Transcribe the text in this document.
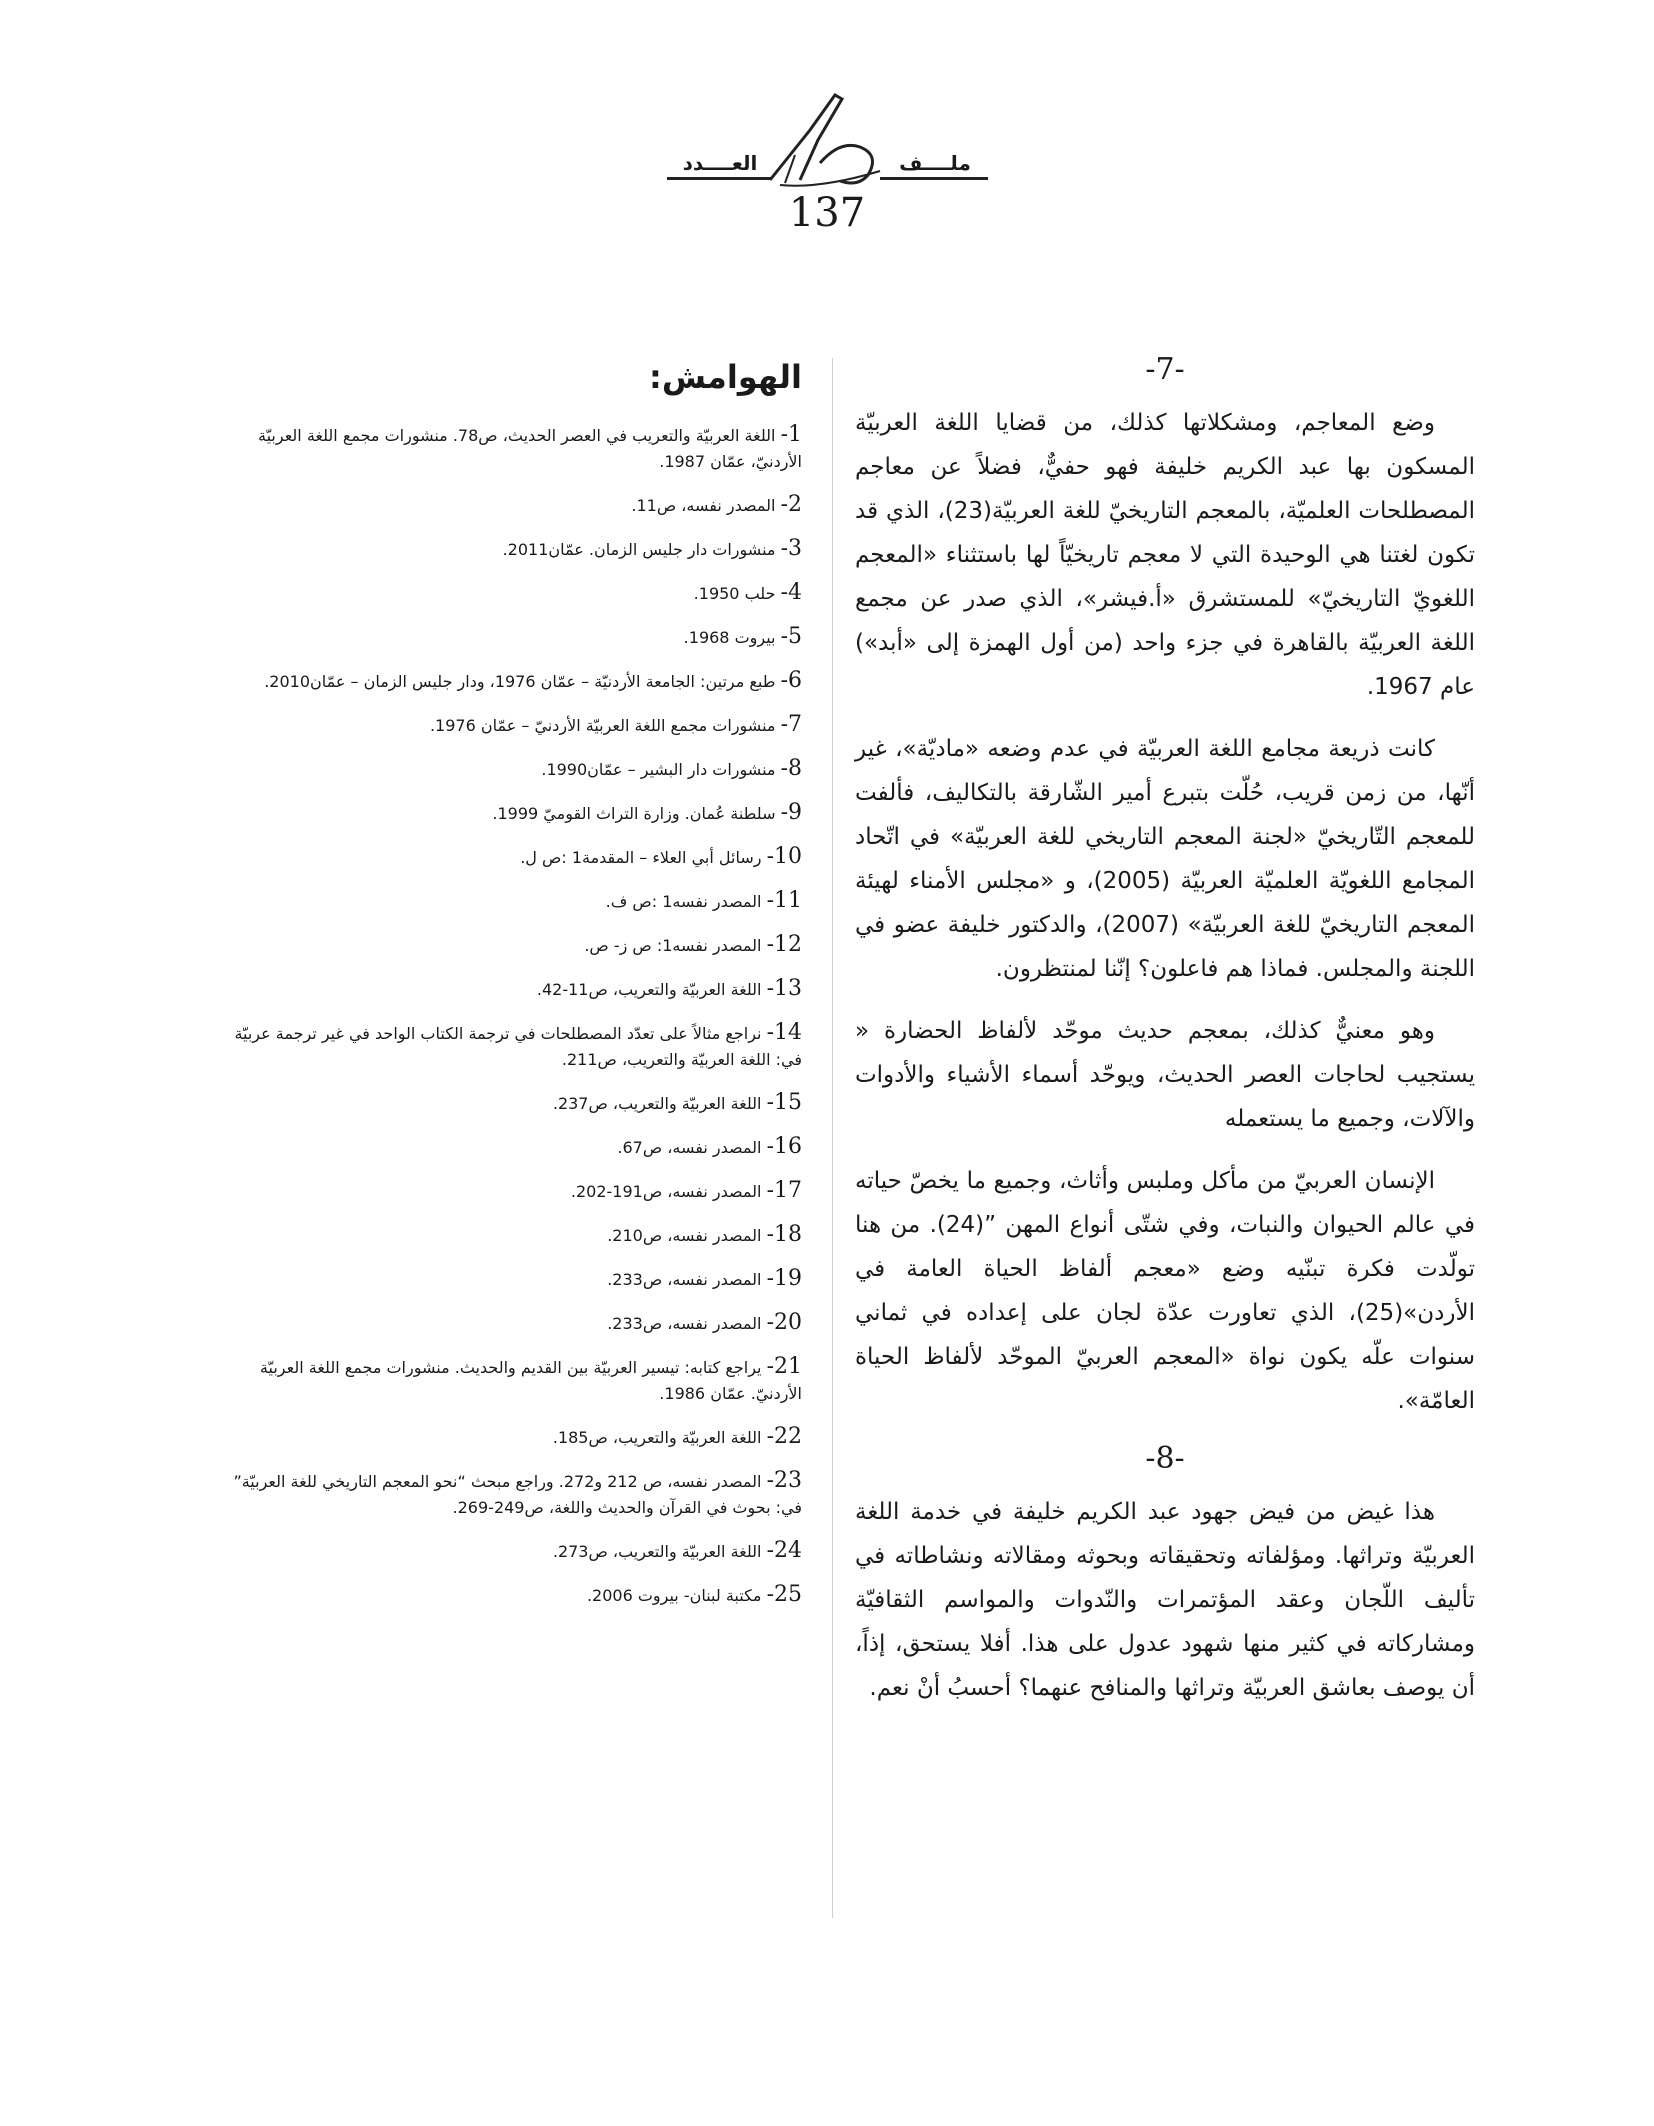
العــــدد	ملــــف
137
-7-

وضع المعاجم، ومشكلاتها كذلك، من قضايا اللغة العربيّة المسكون بها عبد الكريم خليفة فهو حفيٌّ، فضلاً عن معاجم المصطلحات العلميّة، بالمعجم التاريخيّ للغة العربيّة(23)، الذي قد تكون لغتنا هي الوحيدة التي لا معجم تاريخيّاً لها باستثناء «المعجم اللغويّ التاريخيّ» للمستشرق «أ.فيشر»، الذي صدر عن مجمع اللغة العربيّة بالقاهرة في جزء واحد (من أول الهمزة إلى «أبد») عام 1967.

كانت ذريعة مجامع اللغة العربيّة في عدم وضعه «ماديّة»، غير أنّها، من زمن قريب، حُلّت بتبرع أمير الشّارقة بالتكاليف، فألفت للمعجم التّاريخيّ «لجنة المعجم التاريخي للغة العربيّة» في اتّحاد المجامع اللغويّة العلميّة العربيّة (2005)، و «مجلس الأمناء لهيئة المعجم التاريخيّ للغة العربيّة» (2007)، والدكتور خليفة عضو في اللجنة والمجلس. فماذا هم فاعلون؟ إنّنا لمنتظرون.

وهو معنيٌّ كذلك، بمعجم حديث موحّد لألفاظ الحضارة « يستجيب لحاجات العصر الحديث، ويوحّد أسماء الأشياء والأدوات والآلات، وجميع ما يستعمله

الإنسان العربيّ من مأكل وملبس وأثاث، وجميع ما يخصّ حياته في عالم الحيوان والنبات، وفي شتّى أنواع المهن ”(24). من هنا تولّدت فكرة تبنّيه وضع «معجم ألفاظ الحياة العامة في الأردن»(25)، الذي تعاورت عدّة لجان على إعداده في ثماني سنوات علّه يكون نواة «المعجم العربيّ الموحّد لألفاظ الحياة العامّة».

-8-

هذا غيض من فيض جهود عبد الكريم خليفة في خدمة اللغة العربيّة وتراثها. ومؤلفاته وتحقيقاته وبحوثه ومقالاته ونشاطاته في تأليف اللّجان وعقد المؤتمرات والنّدوات والمواسم الثقافيّة ومشاركاته في كثير منها شهود عدول على هذا. أفلا يستحق، إذاً، أن يوصف بعاشق العربيّة وتراثها والمنافح عنهما؟ أحسبُ أنْ نعم.

الهوامش:
1- اللغة العربيّة والتعريب في العصر الحديث، ص78. منشورات مجمع اللغة العربيّة الأردنيّ، عمّان 1987.
2- المصدر نفسه، ص11.
3- منشورات دار جليس الزمان. عمّان2011.
4- حلب 1950.
5- بيروت 1968.
6- طبع مرتين: الجامعة الأردنيّة – عمّان 1976، ودار جليس الزمان – عمّان2010.
7- منشورات مجمع اللغة العربيّة الأردنيّ – عمّان 1976.
8- منشورات دار البشير – عمّان1990.
9- سلطنة عُمان. وزارة التراث القوميّ 1999.
10- رسائل أبي العلاء – المقدمة1 :ص ل.
11- المصدر نفسه1 :ص ف.
12- المصدر نفسه1: ص ز- ص.
13- اللغة العربيّة والتعريب، ص11-42.
14- نراجع مثالاً على تعدّد المصطلحات في ترجمة الكتاب الواحد في غير ترجمة عربيّة في: اللغة العربيّة والتعريب، ص211.
15- اللغة العربيّة والتعريب، ص237.
16- المصدر نفسه، ص67.
17- المصدر نفسه، ص191-202.
18- المصدر نفسه، ص210.
19- المصدر نفسه، ص233.
20- المصدر نفسه، ص233.
21- يراجع كتابه: تيسير العربيّة بين القديم والحديث. منشورات مجمع اللغة العربيّة الأردنيّ. عمّان 1986.
22- اللغة العربيّة والتعريب، ص185.
23- المصدر نفسه، ص 212 و272. وراجع مبحث “نحو المعجم التاريخي للغة العربيّة” في: بحوث في القرآن والحديث واللغة، ص249-269.
24- اللغة العربيّة والتعريب، ص273.
25- مكتبة لبنان- بيروت 2006.
